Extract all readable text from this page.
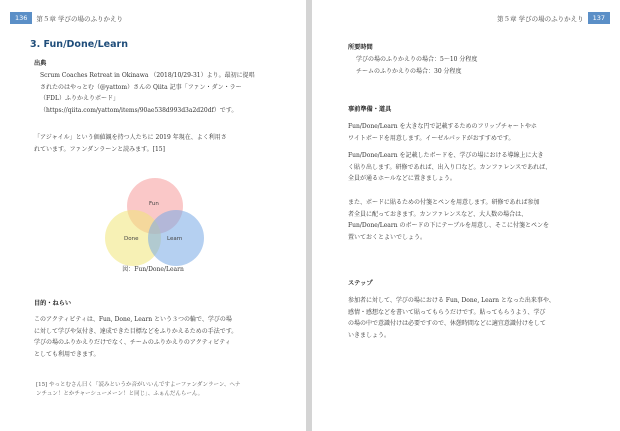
136	第５章 学びの場のふりかえり
3. Fun/Done/Learn
出典
Scrum Coaches Retreat in Okinawa （2018/10/29-31）より。最初に提唱
されたのはやっとむ（@yattom）さんの Qiita 記事「ファン・ダン・ラー
（FDL）ふりかえりボード」
（https://qiita.com/yattom/items/90ae538d993d3a2d20df）です。
「アジャイル」という価値観を持つ人たちに 2019 年現在、よく利用さ
れています。ファンダンラーンと読みます。[15]
Fun
Done	Learn
図：Fun/Done/Learn
目的・ねらい
このアクティビティは、Fun, Done, Learn という３つの輪で、学びの場
に対して学びや気付き、達成できた目標などをふりかえるための手法です。
学びの場のふりかえりだけでなく、チームのふりかえりのアクティビティ
としても利用できます。
[15] やっとむさん曰く「読みというか音がいいんですよーファンダンラーン、ヘナ
ンチュン！とかチャーシューメーン！と同じ」、ふぁんだんらーん。
第５章 学びの場のふりかえり	137
所要時間
学びの場のふりかえりの場合：5〜10 分程度
チームのふりかえりの場合：30 分程度
事前準備・道具
Fun/Done/Learn を大きな円で記載するためのフリップチャートやホ
ワイトボードを用意します。イーゼルパッドがおすすめです。
Fun/Done/Learn を記載したボードを、学びの場における導線上に大き
く貼り出します。研修であれば、出入り口など。カンファレンスであれば、
全員が通るホールなどに置きましょう。
また、ボードに貼るための付箋とペンを用意します。研修であれば参加
者全員に配っておきます。カンファレンスなど、大人数の場合は、
Fun/Done/Learn のボードの下にテーブルを用意し、そこに付箋とペンを
置いておくとよいでしょう。
ステップ
参加者に対して、学びの場における Fun, Done, Learn となった出来事や、
感情・感想などを書いて貼ってもらうだけです。貼ってもらうよう、学び
の場の中で意識付けは必要ですので、休憩時間などに適宜意識付けをして
いきましょう。
